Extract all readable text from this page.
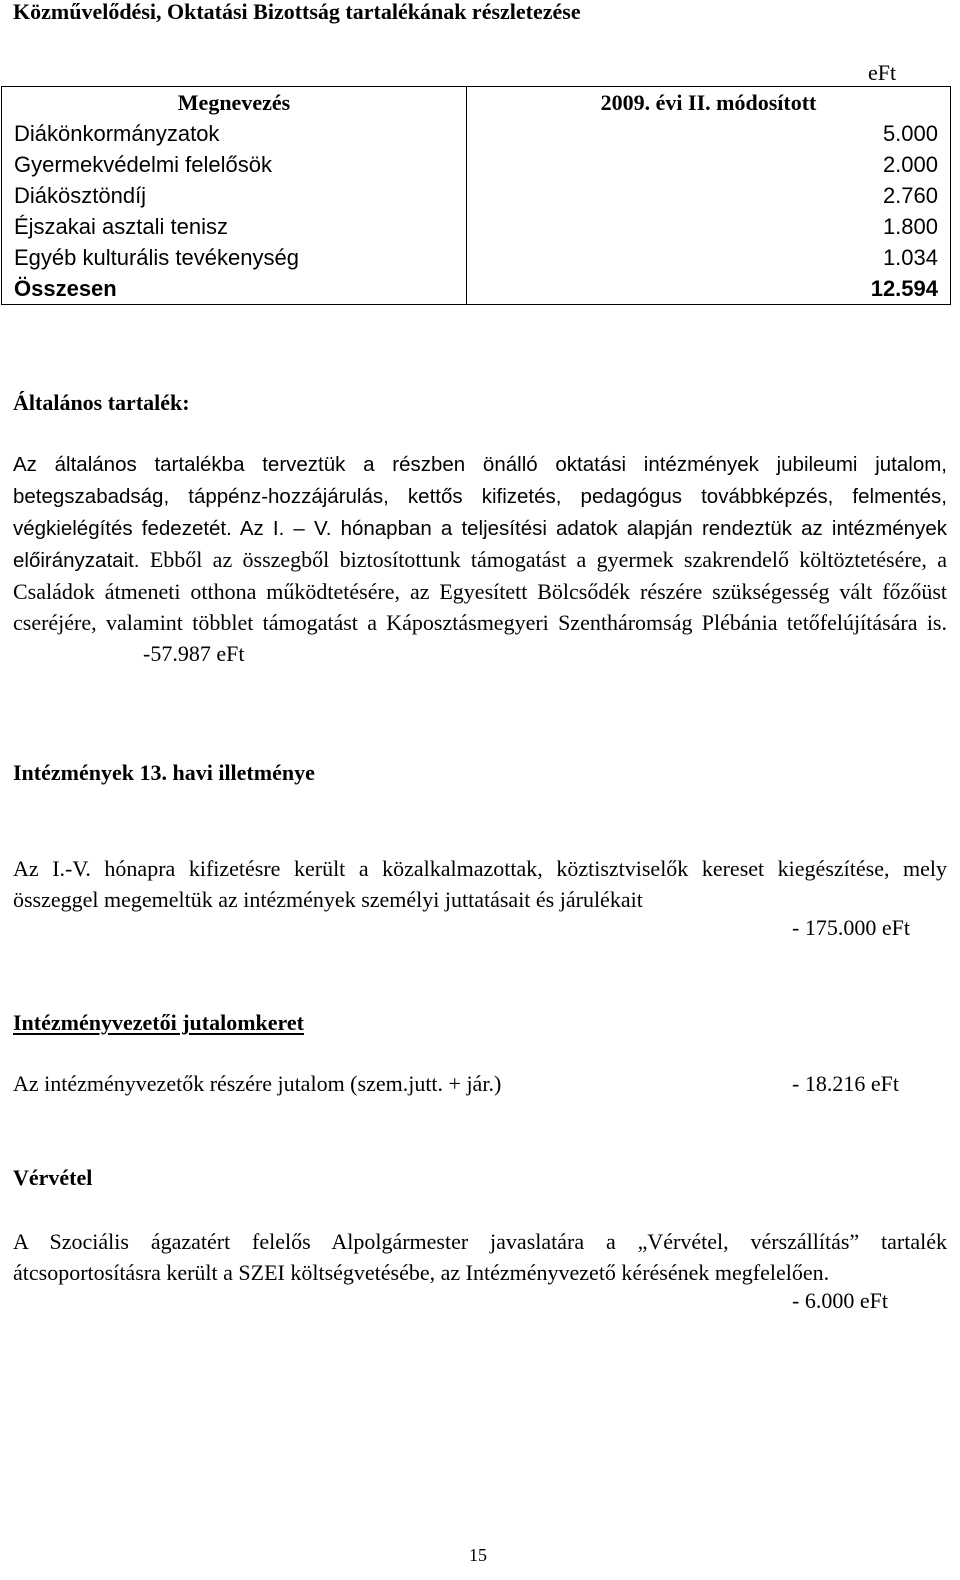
Közművelődési, Oktatási Bizottság tartalékának részletezése
eFt
Megnevezés	2009. évi II. módosított
Diákönkormányzatok	5.000
Gyermekvédelmi felelősök	2.000
Diákösztöndíj	2.760
Éjszakai asztali tenisz	1.800
Egyéb kulturális tevékenység	1.034
Összesen	12.594
Általános tartalék:
Az általános tartalékba terveztük a részben önálló oktatási intézmények jubileumi jutalom, betegszabadság, táppénz-hozzájárulás, kettős kifizetés, pedagógus továbbképzés, felmentés, végkielégítés fedezetét. Az I. – V. hónapban a teljesítési adatok alapján rendeztük az intézmények előirányzatait. Ebből az összegből biztosítottunk támogatást a gyermek szakrendelő költöztetésére, a Családok átmeneti otthona működtetésére, az Egyesített Bölcsődék részére szükségesség vált főzőüst cseréjére, valamint többlet támogatást a Káposztásmegyeri Szentháromság Plébánia tetőfelújítására is.-57.987 eFt
Intézmények 13. havi illetménye
Az I.-V. hónapra kifizetésre került a közalkalmazottak, köztisztviselők kereset kiegészítése, mely összeggel megemeltük az intézmények személyi juttatásait és járulékait
- 175.000 eFt
Intézményvezetői jutalomkeret
Az intézményvezetők részére jutalom (szem.jutt. + jár.)	- 18.216 eFt
Vérvétel
A Szociális ágazatért felelős Alpolgármester javaslatára a „Vérvétel, vérszállítás” tartalék átcsoportosításra került a SZEI költségvetésébe, az Intézményvezető kérésének megfelelően.
- 6.000 eFt
15
